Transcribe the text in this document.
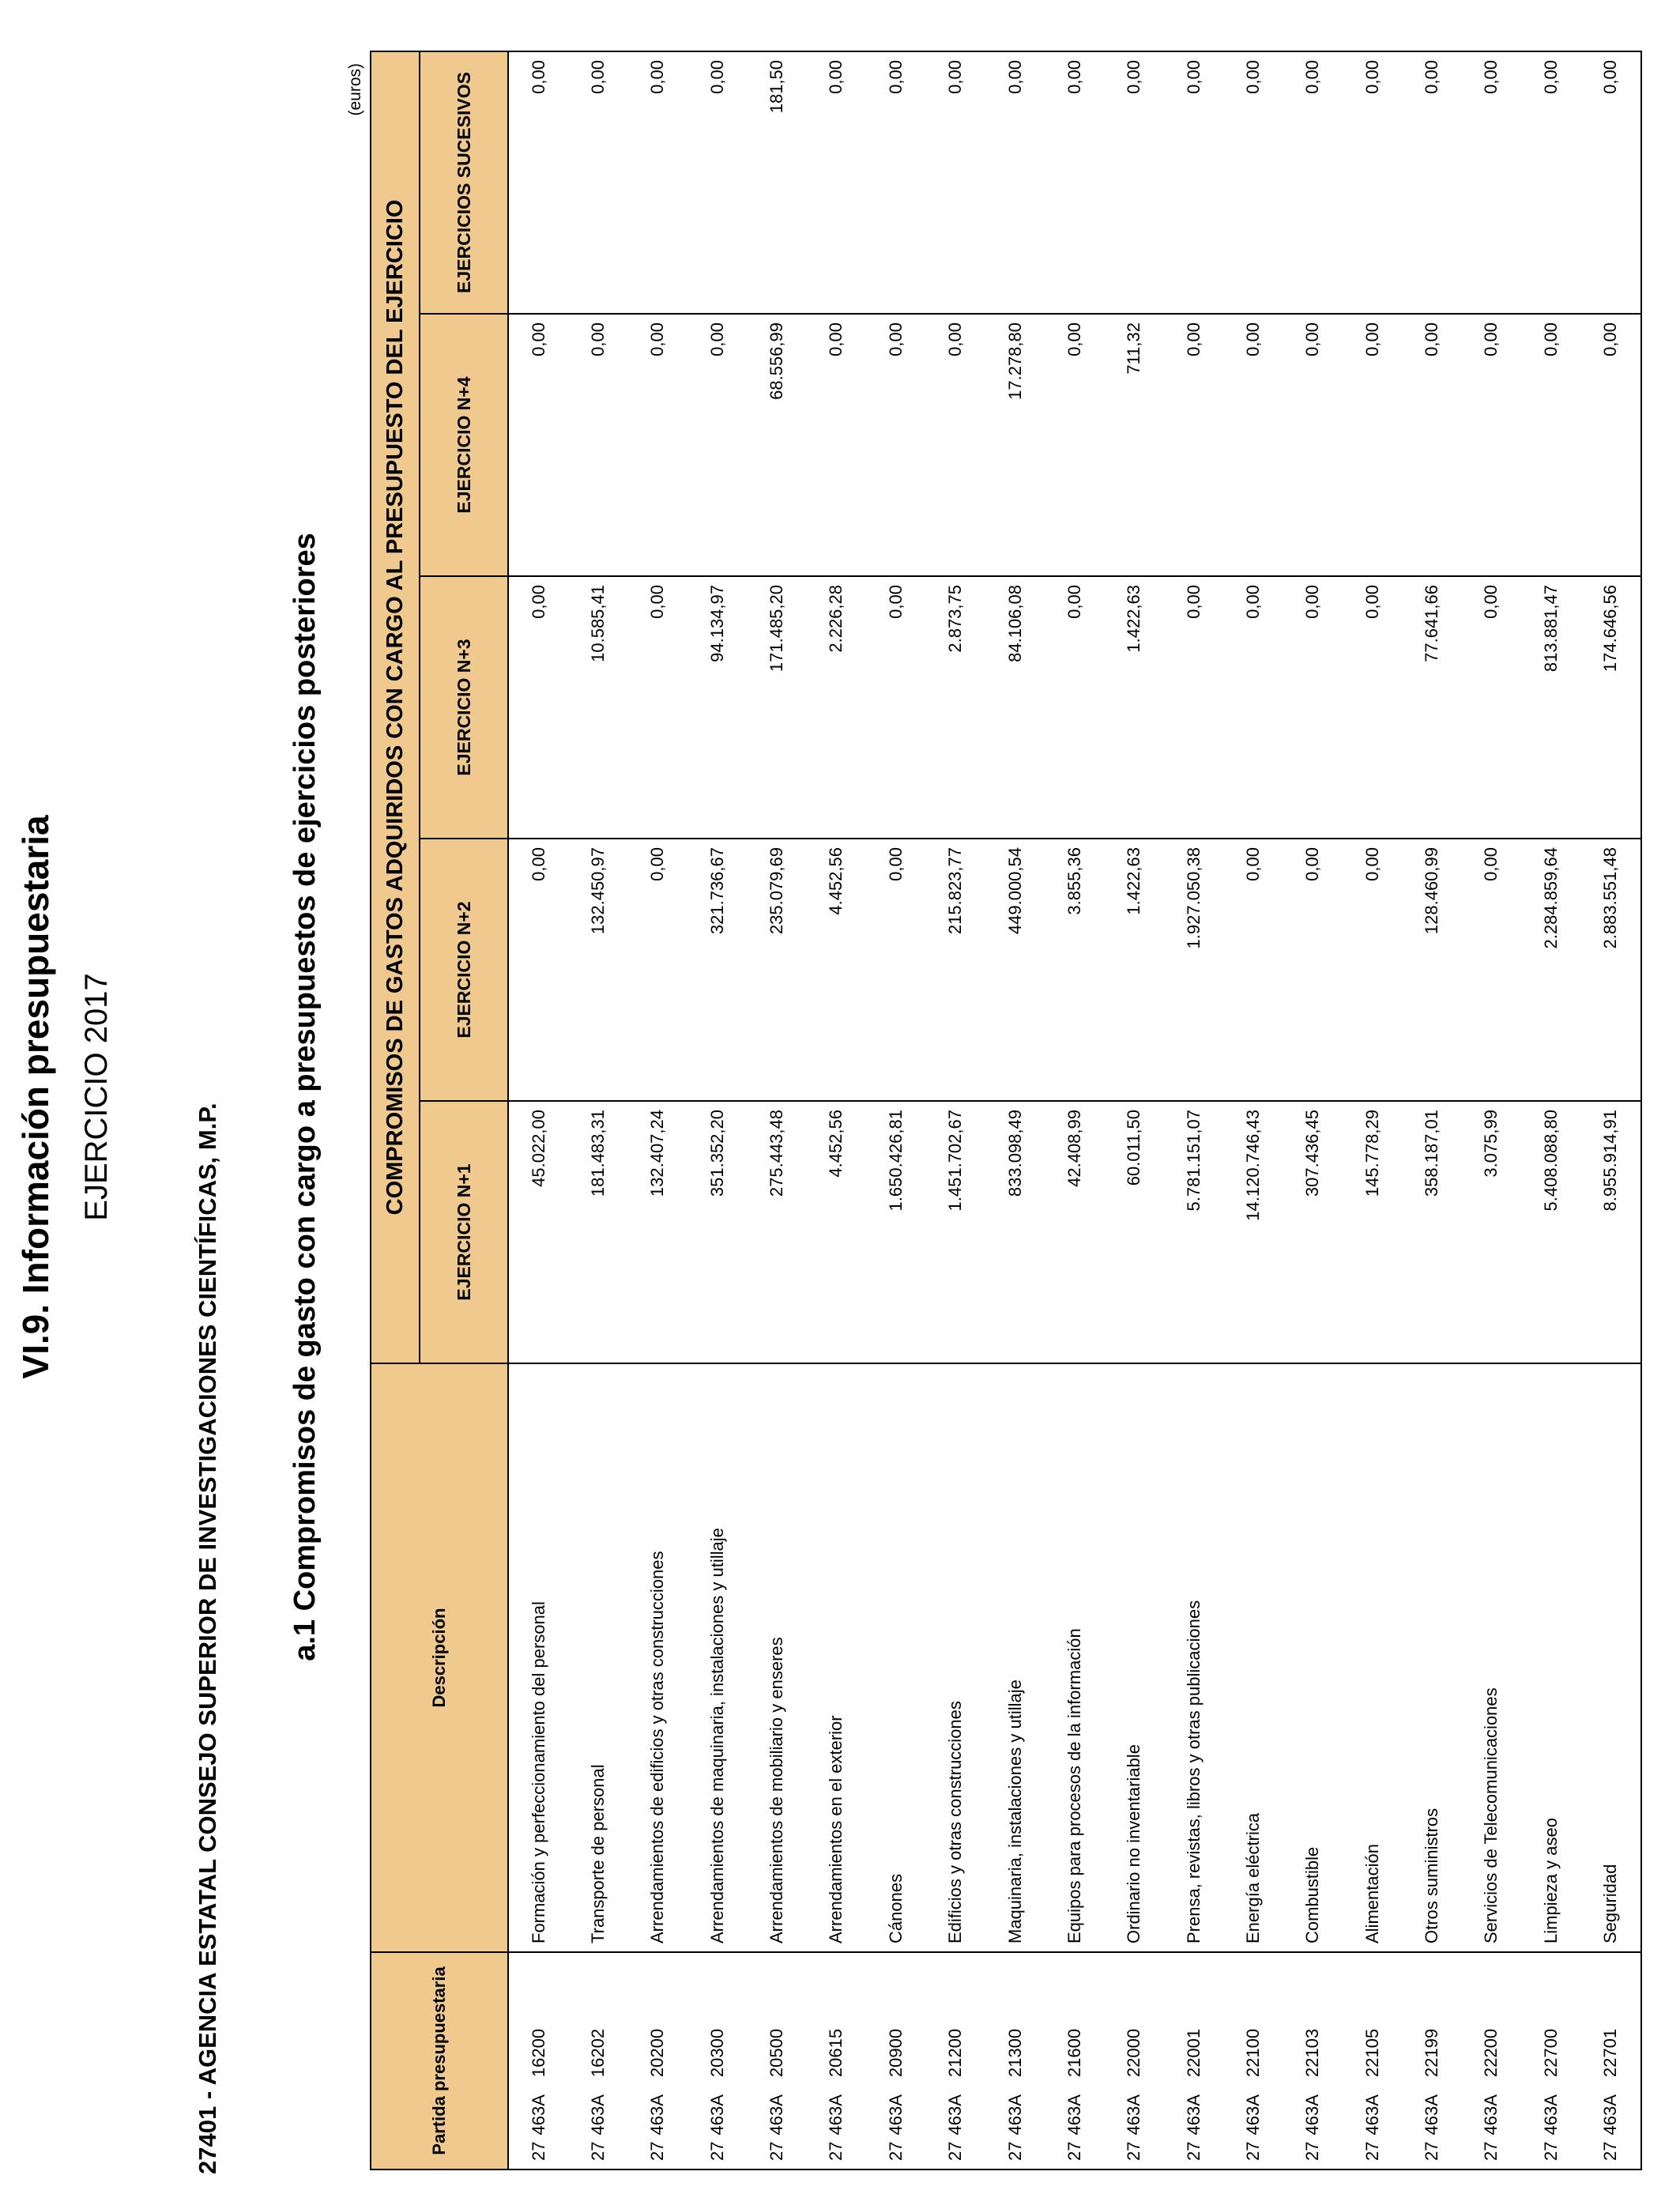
VI.9. Información presupuestaria EJERCICIO 2017
27401 - AGENCIA ESTATAL CONSEJO SUPERIOR DE INVESTIGACIONES CIENTÍFICAS, M.P. a.1 Compromisos de gasto con cargo a presupuestos de ejercicios posteriores
(euros)
Partida presupuestaria	Descripción	COMPROMISOS DE GASTOS ADQUIRIDOS CON CARGO AL PRESUPUESTO DEL EJERCICIO				
		EJERCICIO N+1	EJERCICIO N+2	EJERCICIO N+3	EJERCICIO N+4	EJERCICIOS SUCESIVOS
27463A16200	Formación y perfeccionamiento del personal	45.022,00	0,00	0,00	0,00	0,00
27463A16202	Transporte de personal	181.483,31	132.450,97	10.585,41	0,00	0,00
27463A20200	Arrendamientos de edificios y otras construcciones	132.407,24	0,00	0,00	0,00	0,00
27463A20300	Arrendamientos de maquinaria, instalaciones y utillaje	351.352,20	321.736,67	94.134,97	0,00	0,00
27463A20500	Arrendamientos de mobiliario y enseres	275.443,48	235.079,69	171.485,20	68.556,99	181,50
27463A20615	Arrendamientos en el exterior	4.452,56	4.452,56	2.226,28	0,00	0,00
27463A20900	Cánones	1.650.426,81	0,00	0,00	0,00	0,00
27463A21200	Edificios y otras construcciones	1.451.702,67	215.823,77	2.873,75	0,00	0,00
27463A21300	Maquinaria, instalaciones y utillaje	833.098,49	449.000,54	84.106,08	17.278,80	0,00
27463A21600	Equipos para procesos de la información	42.408,99	3.855,36	0,00	0,00	0,00
27463A22000	Ordinario no inventariable	60.011,50	1.422,63	1.422,63	711,32	0,00
27463A22001	Prensa, revistas, libros y otras publicaciones	5.781.151,07	1.927.050,38	0,00	0,00	0,00
27463A22100	Energía eléctrica	14.120.746,43	0,00	0,00	0,00	0,00
27463A22103	Combustible	307.436,45	0,00	0,00	0,00	0,00
27463A22105	Alimentación	145.778,29	0,00	0,00	0,00	0,00
27463A22199	Otros suministros	358.187,01	128.460,99	77.641,66	0,00	0,00
27463A22200	Servicios de Telecomunicaciones	3.075,99	0,00	0,00	0,00	0,00
27463A22700	Limpieza y aseo	5.408.088,80	2.284.859,64	813.881,47	0,00	0,00
27463A22701	Seguridad	8.955.914,91	2.883.551,48	174.646,56	0,00	0,00
